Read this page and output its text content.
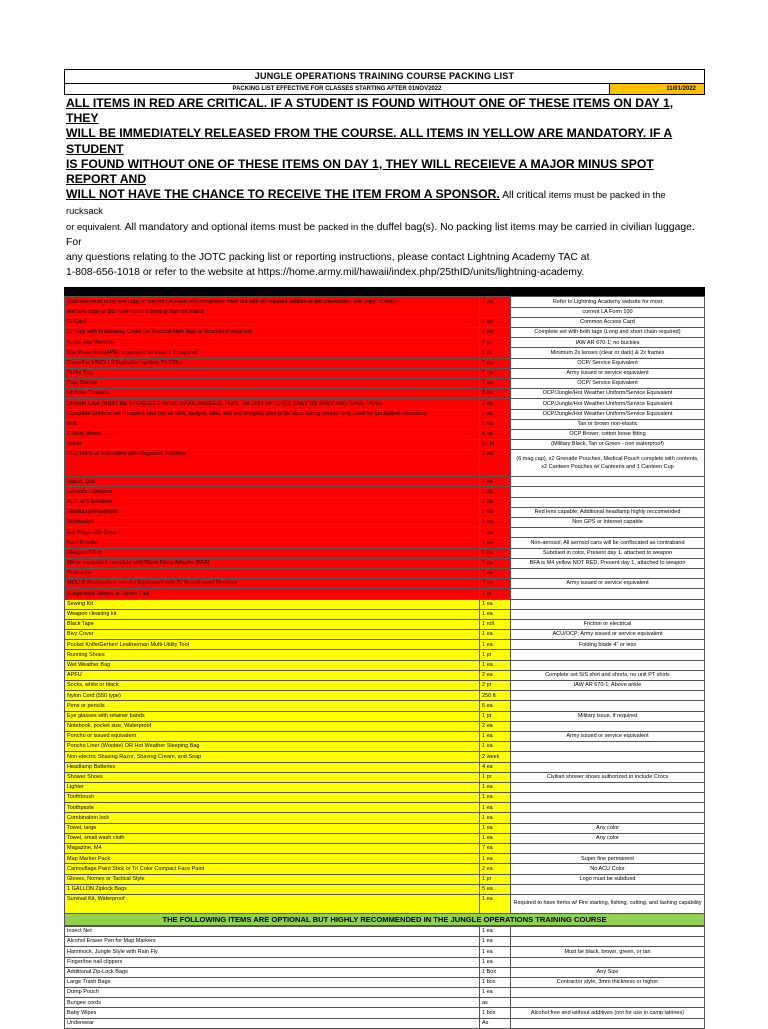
JUNGLE OPERATIONS TRAINING COURSE PACKING LIST
PACKING LIST EFFECTIVE FOR CLASSES STARTING AFTER 01NOV2022	11/01/2022
ALL ITEMS IN RED ARE CRITICAL. IF A STUDENT IS FOUND WITHOUT ONE OF THESE ITEMS ON DAY 1, THEY
WILL BE IMMEDIATELY RELEASED FROM THE COURSE. ALL ITEMS IN YELLOW ARE MANDATORY. IF A STUDENT
IS FOUND WITHOUT ONE OF THESE ITEMS ON DAY 1, THEY WILL RECEIEVE A MAJOR MINUS SPOT REPORT AND
WILL NOT HAVE THE CHANCE TO RECEIVE THE ITEM FROM A SPONSOR. All critical items must be packed in the rucksack
or equivalent. All mandatory and optional items must be packed in the duffel bag(s). No packing list items may be carried in civilian luggage. For
any questions relating to the JOTC packing list or reporting instructions, please contact Lightning Academy TAC at
1-808-656-1018 or refer to the website at https://home.army.mil/hawaii/index.php/25thID/units/lightning-academy.
Students must bring one copy of current LA Form 100 completely filled out with all required additional documentation, one copy DD4/ETP	1 ea	Refer to Lightning Academy website for most
and one copy of DD Form 1610 if coming from off island		current LA Form 100
ID Card	1 ea	Common Access Card
ID Tags with Breakaway Chain (w/ Medical Alert Tags or Bracelet if required)	1 set	Complete set with both tags (Long and short chain required)
Boots, Hot Weather	2 pr	IAW AR 670-1; no buckles
Eye Protection (APEL approved) w/ inserts if required	1 pr	Minimum 2x lenses (clear or dark) & 2x frames
Camelback/MOLLE Hydration system 70-100oz	1 ea	OCP/ Service Equivalent
Duffel Bag	1 ea	Army issued or service equivalent
Cap, Boonie	1 ea	OCP/ Service Equivalent
Uniform Trousers	3 ea	OCP/Jungle/Hot Weather Uniform/Service Equivalent
Uniform Coat (MUST BE STERILIZED W/ NO RANK, BADGES, TABS, OR UNIT PATCHES; ONLY US ARMY AND NAME TAPE)	3 ea	OCP/Jungle/Hot Weather Uniform/Service Equivalent
Complete Uniform set (Trousers and Top w/ rank, badges, tabs, and unit insignia) (Not to be worn during course; only used for graduation ceremony)	1 ea	OCP/Jungle/Hot Weather Uniform/Service Equivalent
Belt	1 ea	Tan or brown non-elastic
T-Shirt, Brown	5 ea	OCP Brown; cotton loose fitting
Socks	12 pr	(Military Black, Tan or Green - non waterproof)
FLC/TAPS or Equivalent with Magazine Pouches	1 ea	(6 mag cap), x2 Grenade Pouches, Medical Pouch complete with contents, x2 Canteen Pouches w/ Canteens and 1 Canteen Cup
Watch, Dial	1 ea	
Lensatic Compass	1 ea	
ACH or Equivalent	1 ea	
Headlamp/Flashlight	1 ea	Red lens capable; Additional headlamp highly reccomended
Wristwatch	1 ea	Non GPS or Internet capable
Ear Plugs with Case	1 ea	
Foot Powder	1 ea	Non-aerosol; All aerosol cans will be confiscated as contraband
Weapon Sling	1 ea	Subdued in color, Present day 1, attached to weapon
M4 or equivalent complete with Blank Firing Adapter (BFA)	1 ea	BFA is M4 yellow NOT RED, Present day 1, attached to weapon
Protractor	1 ea	
MOLLE Rucksack or service Equivalent with 2x Sustainment Pouches	1 ea	Army issued or service equivalent
Suspended Strives or Flicker Pad	1 pr	
Sewing Kit	1 ea	
Weapon cleaning kit	1 ea	
Black Tape	1 roll	Friction or electrical
Bivy Cover	1 ea	ACU/OCP; Army issued or service equivalent
Pocket Knife/Gerber/ Leatherman Multi-Utility Tool	1 ea	Folding blade 4" or less
Running Shoes	1 pr	
Wet Weather Bag	1 ea	
APFU	2 ea	Complete set S/S shirt and shorts, no unit PT shirts
Socks, white or black	2 pr	IAW AR 670-1; Above ankle
Nylon Cord (550 type)	250 ft	
Pens or pencils	5 ea	
Eye glasses with retainer bands	1 pr	Military issue, if required
Notebook, pocket size, Waterproof	2 ea	
Poncho or issued equivalent	1 ea	Army issued or service equivalent
Poncho Liner (Woobie) OR Hot Weather Sleeping Bag	1 ea	
Non-electric Shaving Razor, Shaving Cream, and Soap	2 week	
Headlamp Batteries	4 ea	
Shower Shoes	1 pr	Civilian shower shoes authorized to include Crocs
Lighter	1 ea	
Toothbrush	1 ea	
Toothpaste	1 ea	
Combination lock	1 ea	
Towel, large	1 ea	Any color
Towel, small wash cloth	1 ea	Any color
Magazine, M4	7 ea	
Map Marker Pack	1 ea	Super fine permanent
Camouflage Paint Stick or Tri Color Compact Face Paint	2 ea	No ACU Color
Gloves, Nomex or Tactical Style	1 pr	Logo must be subdued
1 GALLON Ziplock Bags	5 ea	
Survival Kit, Waterproof	1 ea	Required to have items w/ Fire starting, fishing, cutting, and lashing capability
THE FOLLOWING ITEMS ARE OPTIONAL BUT HIGHLY RECOMMENDED IN THE JUNGLE OPERATIONS TRAINING COURSE
Insect Net	1 ea	
Alcohol Eraser Pen for Map Markers	1 ea	
Hammock, Jungle Style with Rain Fly	1 ea	Must be black, brown, green, or tan
Finger/toe nail clippers	1 ea	
Additional Zip-Lock Bags	1 Box	Any Size
Large Trash Bags	1 box	Contractor style, 3mm thickness or higher
Dump Pouch	1 ea	
Bungee cords	as	
Baby Wipes	1 box	Alcohol free and without additives (not for use in camp latrines)
Underwear	As	
